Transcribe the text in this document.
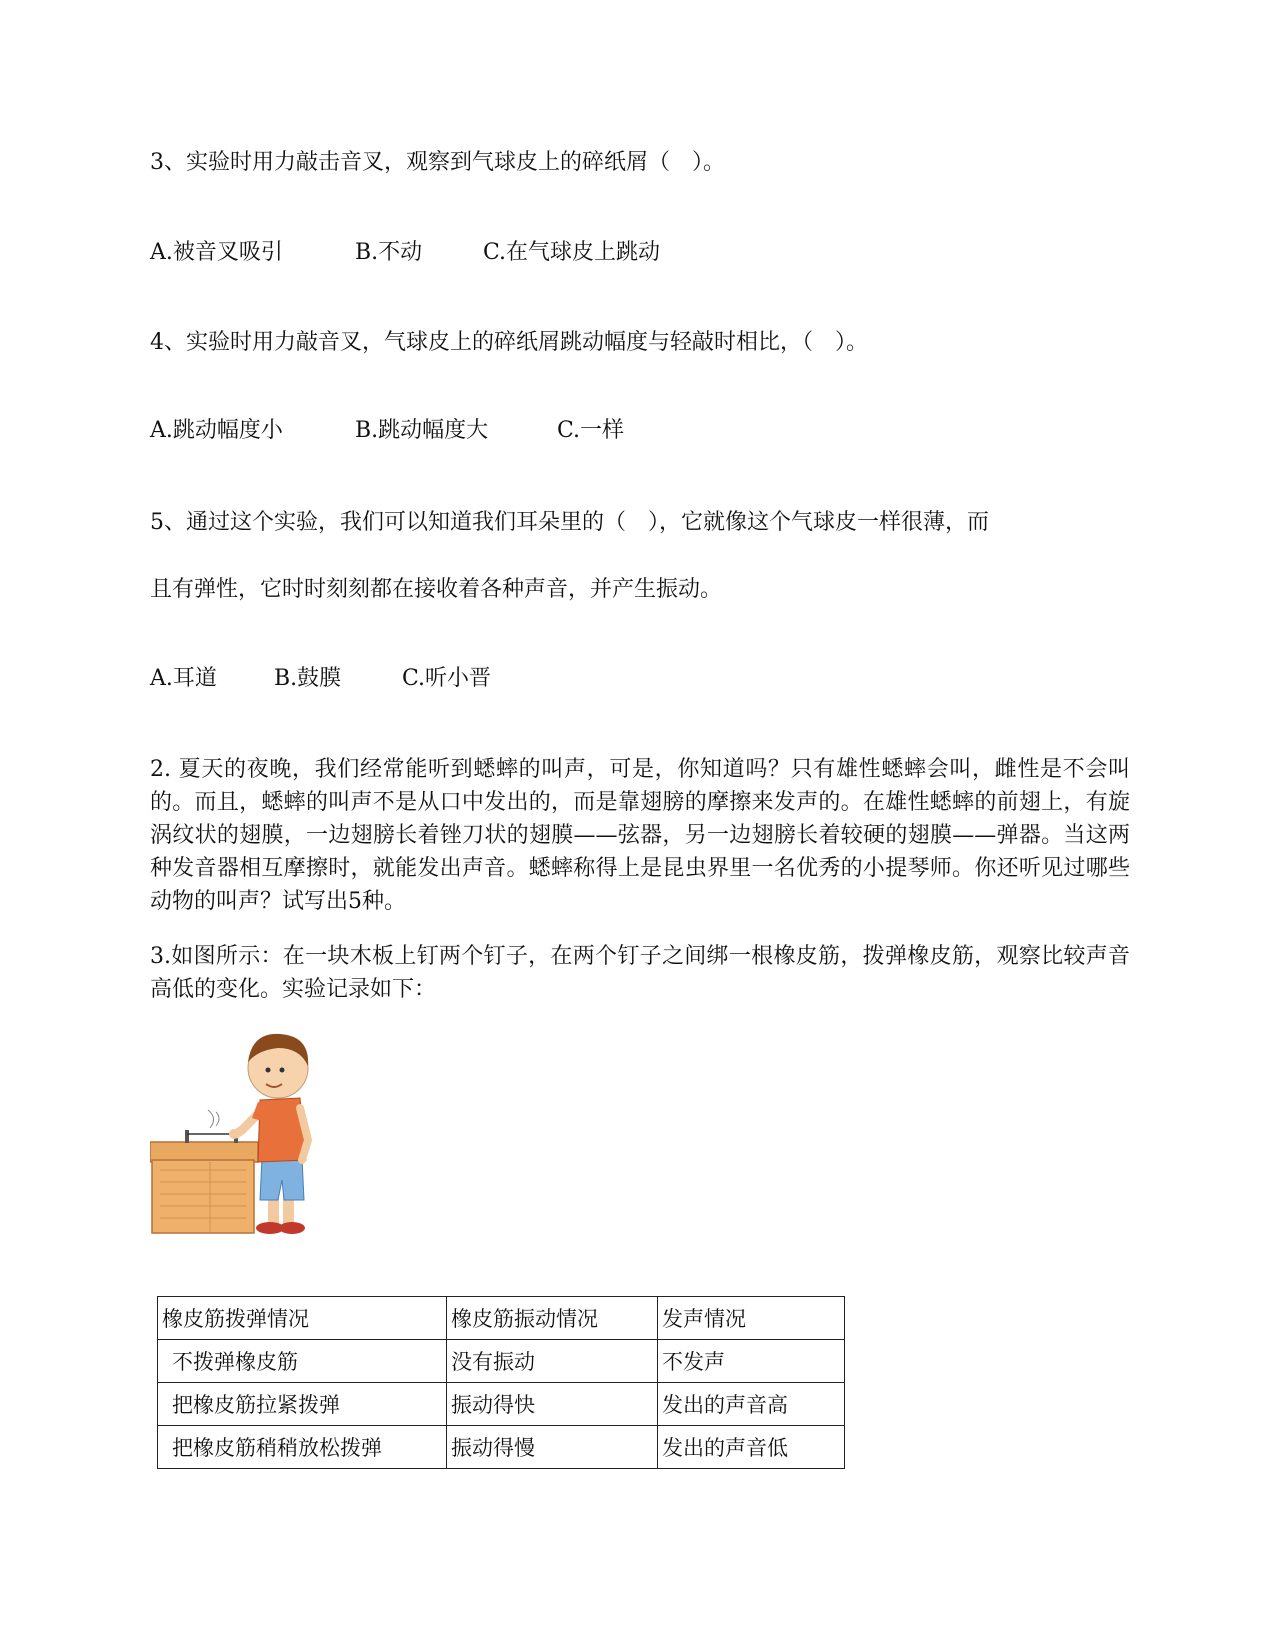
3、实验时用力敲击音叉，观察到气球皮上的碎纸屑（　）。
A.被音叉吸引	B.不动	C.在气球皮上跳动
4、实验时用力敲音叉，气球皮上的碎纸屑跳动幅度与轻敲时相比，（　）。
A.跳动幅度小	B.跳动幅度大	C.一样
5、通过这个实验，我们可以知道我们耳朵里的（　），它就像这个气球皮一样很薄，而
且有弹性，它时时刻刻都在接收着各种声音，并产生振动。
A.耳道	B.鼓膜	C.听小晋
2. 夏天的夜晚，我们经常能听到蟋蟀的叫声，可是，你知道吗？只有雄性蟋蟀会叫，雌性是不会叫的。而且，蟋蟀的叫声不是从口中发出的，而是靠翅膀的摩擦来发声的。在雄性蟋蟀的前翅上，有旋涡纹状的翅膜，一边翅膀长着锉刀状的翅膜——弦器，另一边翅膀长着较硬的翅膜——弹器。当这两种发音器相互摩擦时，就能发出声音。蟋蟀称得上是昆虫界里一名优秀的小提琴师。你还听见过哪些动物的叫声？试写出5种。
3.如图所示：在一块木板上钉两个钉子，在两个钉子之间绑一根橡皮筋，拨弹橡皮筋，观察比较声音高低的变化。实验记录如下：
橡皮筋拨弹情况	橡皮筋振动情况	发声情况
不拨弹橡皮筋	没有振动	不发声
把橡皮筋拉紧拨弹	振动得快	发出的声音高
把橡皮筋稍稍放松拨弹	振动得慢	发出的声音低
